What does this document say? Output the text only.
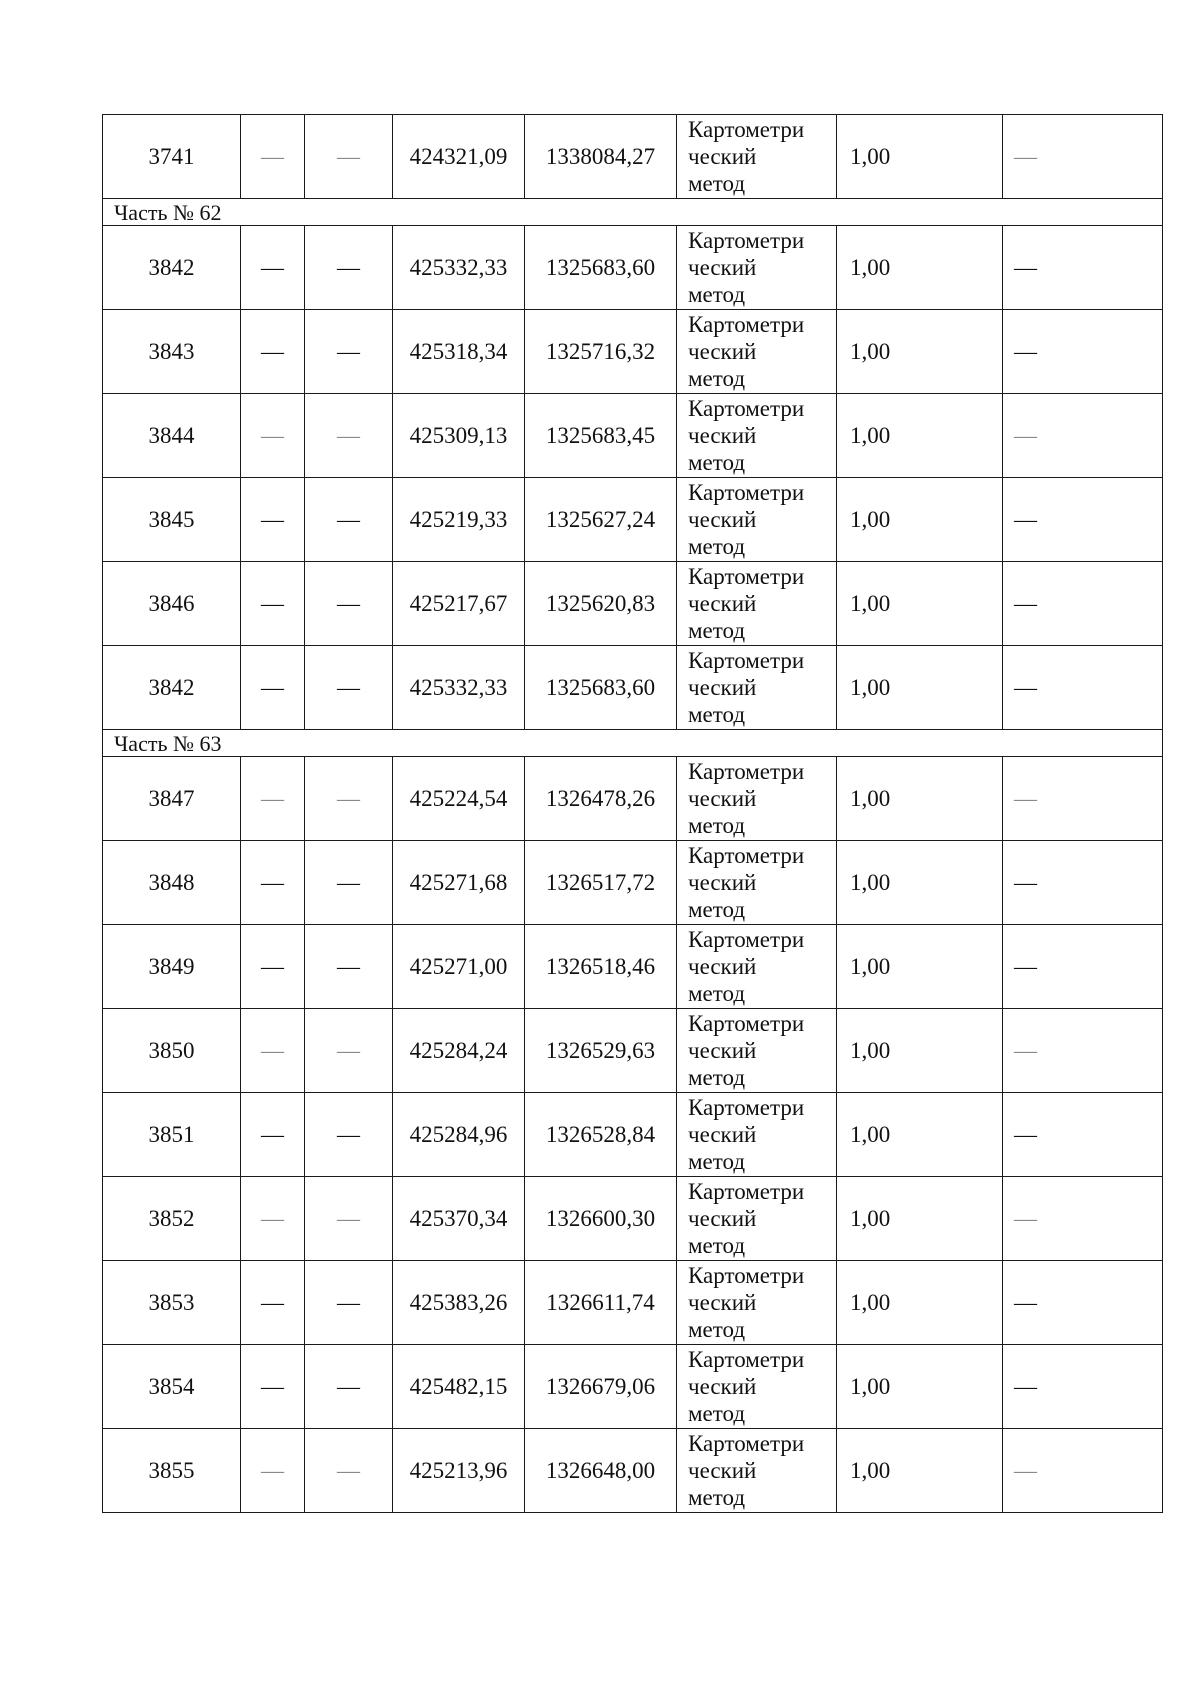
3741	—	—	424321,09	1338084,27	Картометри
ческий
метод	1,00	—
Часть № 62							
3842	—	—	425332,33	1325683,60	Картометри
ческий
метод	1,00	—
3843	—	—	425318,34	1325716,32	Картометри
ческий
метод	1,00	—
3844	—	—	425309,13	1325683,45	Картометри
ческий
метод	1,00	—
3845	—	—	425219,33	1325627,24	Картометри
ческий
метод	1,00	—
3846	—	—	425217,67	1325620,83	Картометри
ческий
метод	1,00	—
3842	—	—	425332,33	1325683,60	Картометри
ческий
метод	1,00	—
Часть № 63							
3847	—	—	425224,54	1326478,26	Картометри
ческий
метод	1,00	—
3848	—	—	425271,68	1326517,72	Картометри
ческий
метод	1,00	—
3849	—	—	425271,00	1326518,46	Картометри
ческий
метод	1,00	—
3850	—	—	425284,24	1326529,63	Картометри
ческий
метод	1,00	—
3851	—	—	425284,96	1326528,84	Картометри
ческий
метод	1,00	—
3852	—	—	425370,34	1326600,30	Картометри
ческий
метод	1,00	—
3853	—	—	425383,26	1326611,74	Картометри
ческий
метод	1,00	—
3854	—	—	425482,15	1326679,06	Картометри
ческий
метод	1,00	—
3855	—	—	425213,96	1326648,00	Картометри
ческий
метод	1,00	—
